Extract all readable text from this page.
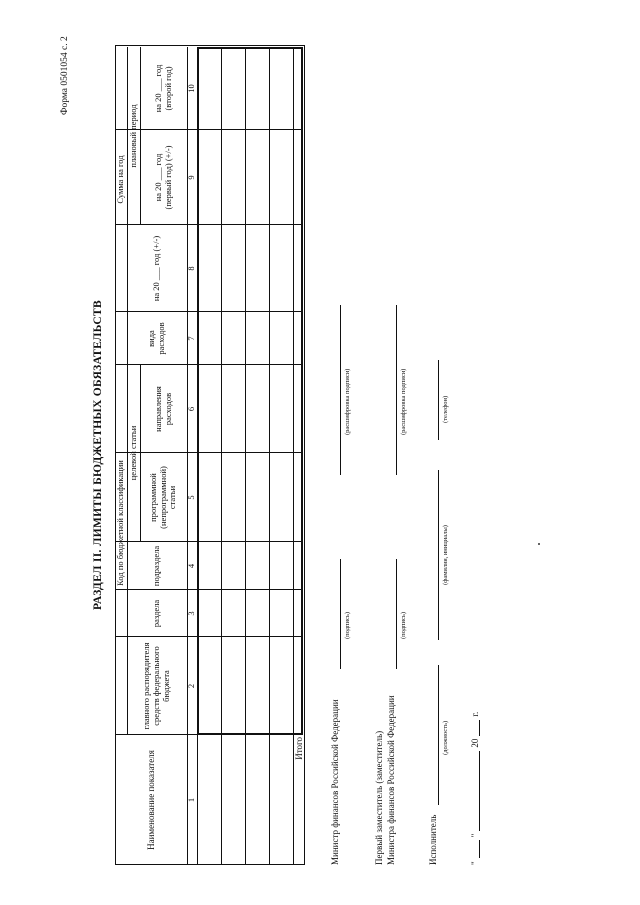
Форма 0501054 с. 2
РАЗДЕЛ II. ЛИМИТЫ БЮДЖЕТНЫХ ОБЯЗАТЕЛЬСТВ
Наименование показателя
Код по бюджетной классификации
главного распорядителя средств федерального бюджета
раздела
подраздела
целевой статьи
программной (непрограммной) статьи
направления расходов
вида расходов
Сумма на год
на 20 ___ год (+/-)
плановый период
на 20 ___ год (первый год) (+/-)
на 20 ___ год (второй год)
1
2
3
4
5
6
7
8
9
10
Итого	Министр финансов Российской Федерации
(подпись)
(расшифровка подписи)
Первый заместитель (заместитель) Министра финансов Российской Федерации
(подпись)
(расшифровка подписи)
Исполнитель
(должность)
(фамилия, инициалы)
(телефон)
"
"
20
г.
